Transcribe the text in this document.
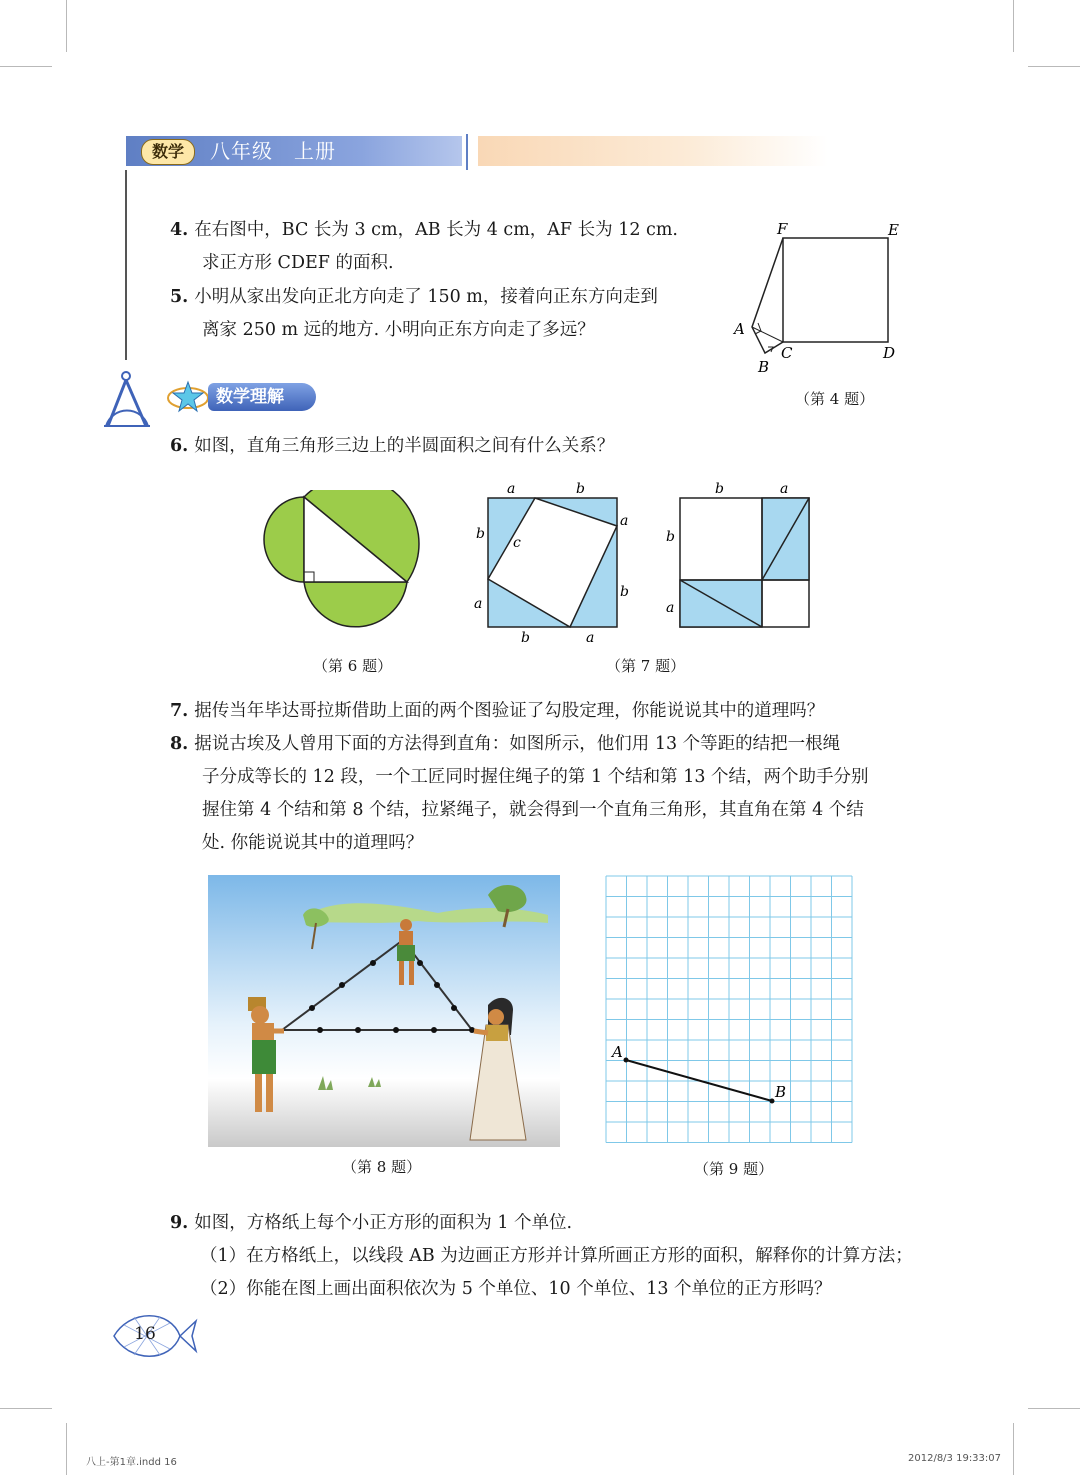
数学	八年级　上册
4. 在右图中，BC 长为 3 cm，AB 长为 4 cm，AF 长为 12 cm.
求正方形 CDEF 的面积.
5. 小明从家出发向正北方向走了 150 m，接着向正东方向走到
离家 250 m 远的地方. 小明向正东方向走了多远？
F	E
A
C	D
B
（第 4 题）
数学理解
6. 如图，直角三角形三边上的半圆面积之间有什么关系？
（第 6 题）
a	b
a
b
b	a
b
a
c
b	a
b
a
（第 7 题）
7. 据传当年毕达哥拉斯借助上面的两个图验证了勾股定理，你能说说其中的道理吗？
8. 据说古埃及人曾用下面的方法得到直角：如图所示，他们用 13 个等距的结把一根绳
子分成等长的 12 段，一个工匠同时握住绳子的第 1 个结和第 13 个结，两个助手分别
握住第 4 个结和第 8 个结，拉紧绳子，就会得到一个直角三角形，其直角在第 4 个结
处. 你能说说其中的道理吗？
（第 8 题）
A
B
（第 9 题）
9. 如图，方格纸上每个小正方形的面积为 1 个单位.
（1）在方格纸上，以线段 AB 为边画正方形并计算所画正方形的面积，解释你的计算方法；
（2）你能在图上画出面积依次为 5 个单位、10 个单位、13 个单位的正方形吗？
16
八上-第1章.indd 16	2012/8/3 19:33:07
